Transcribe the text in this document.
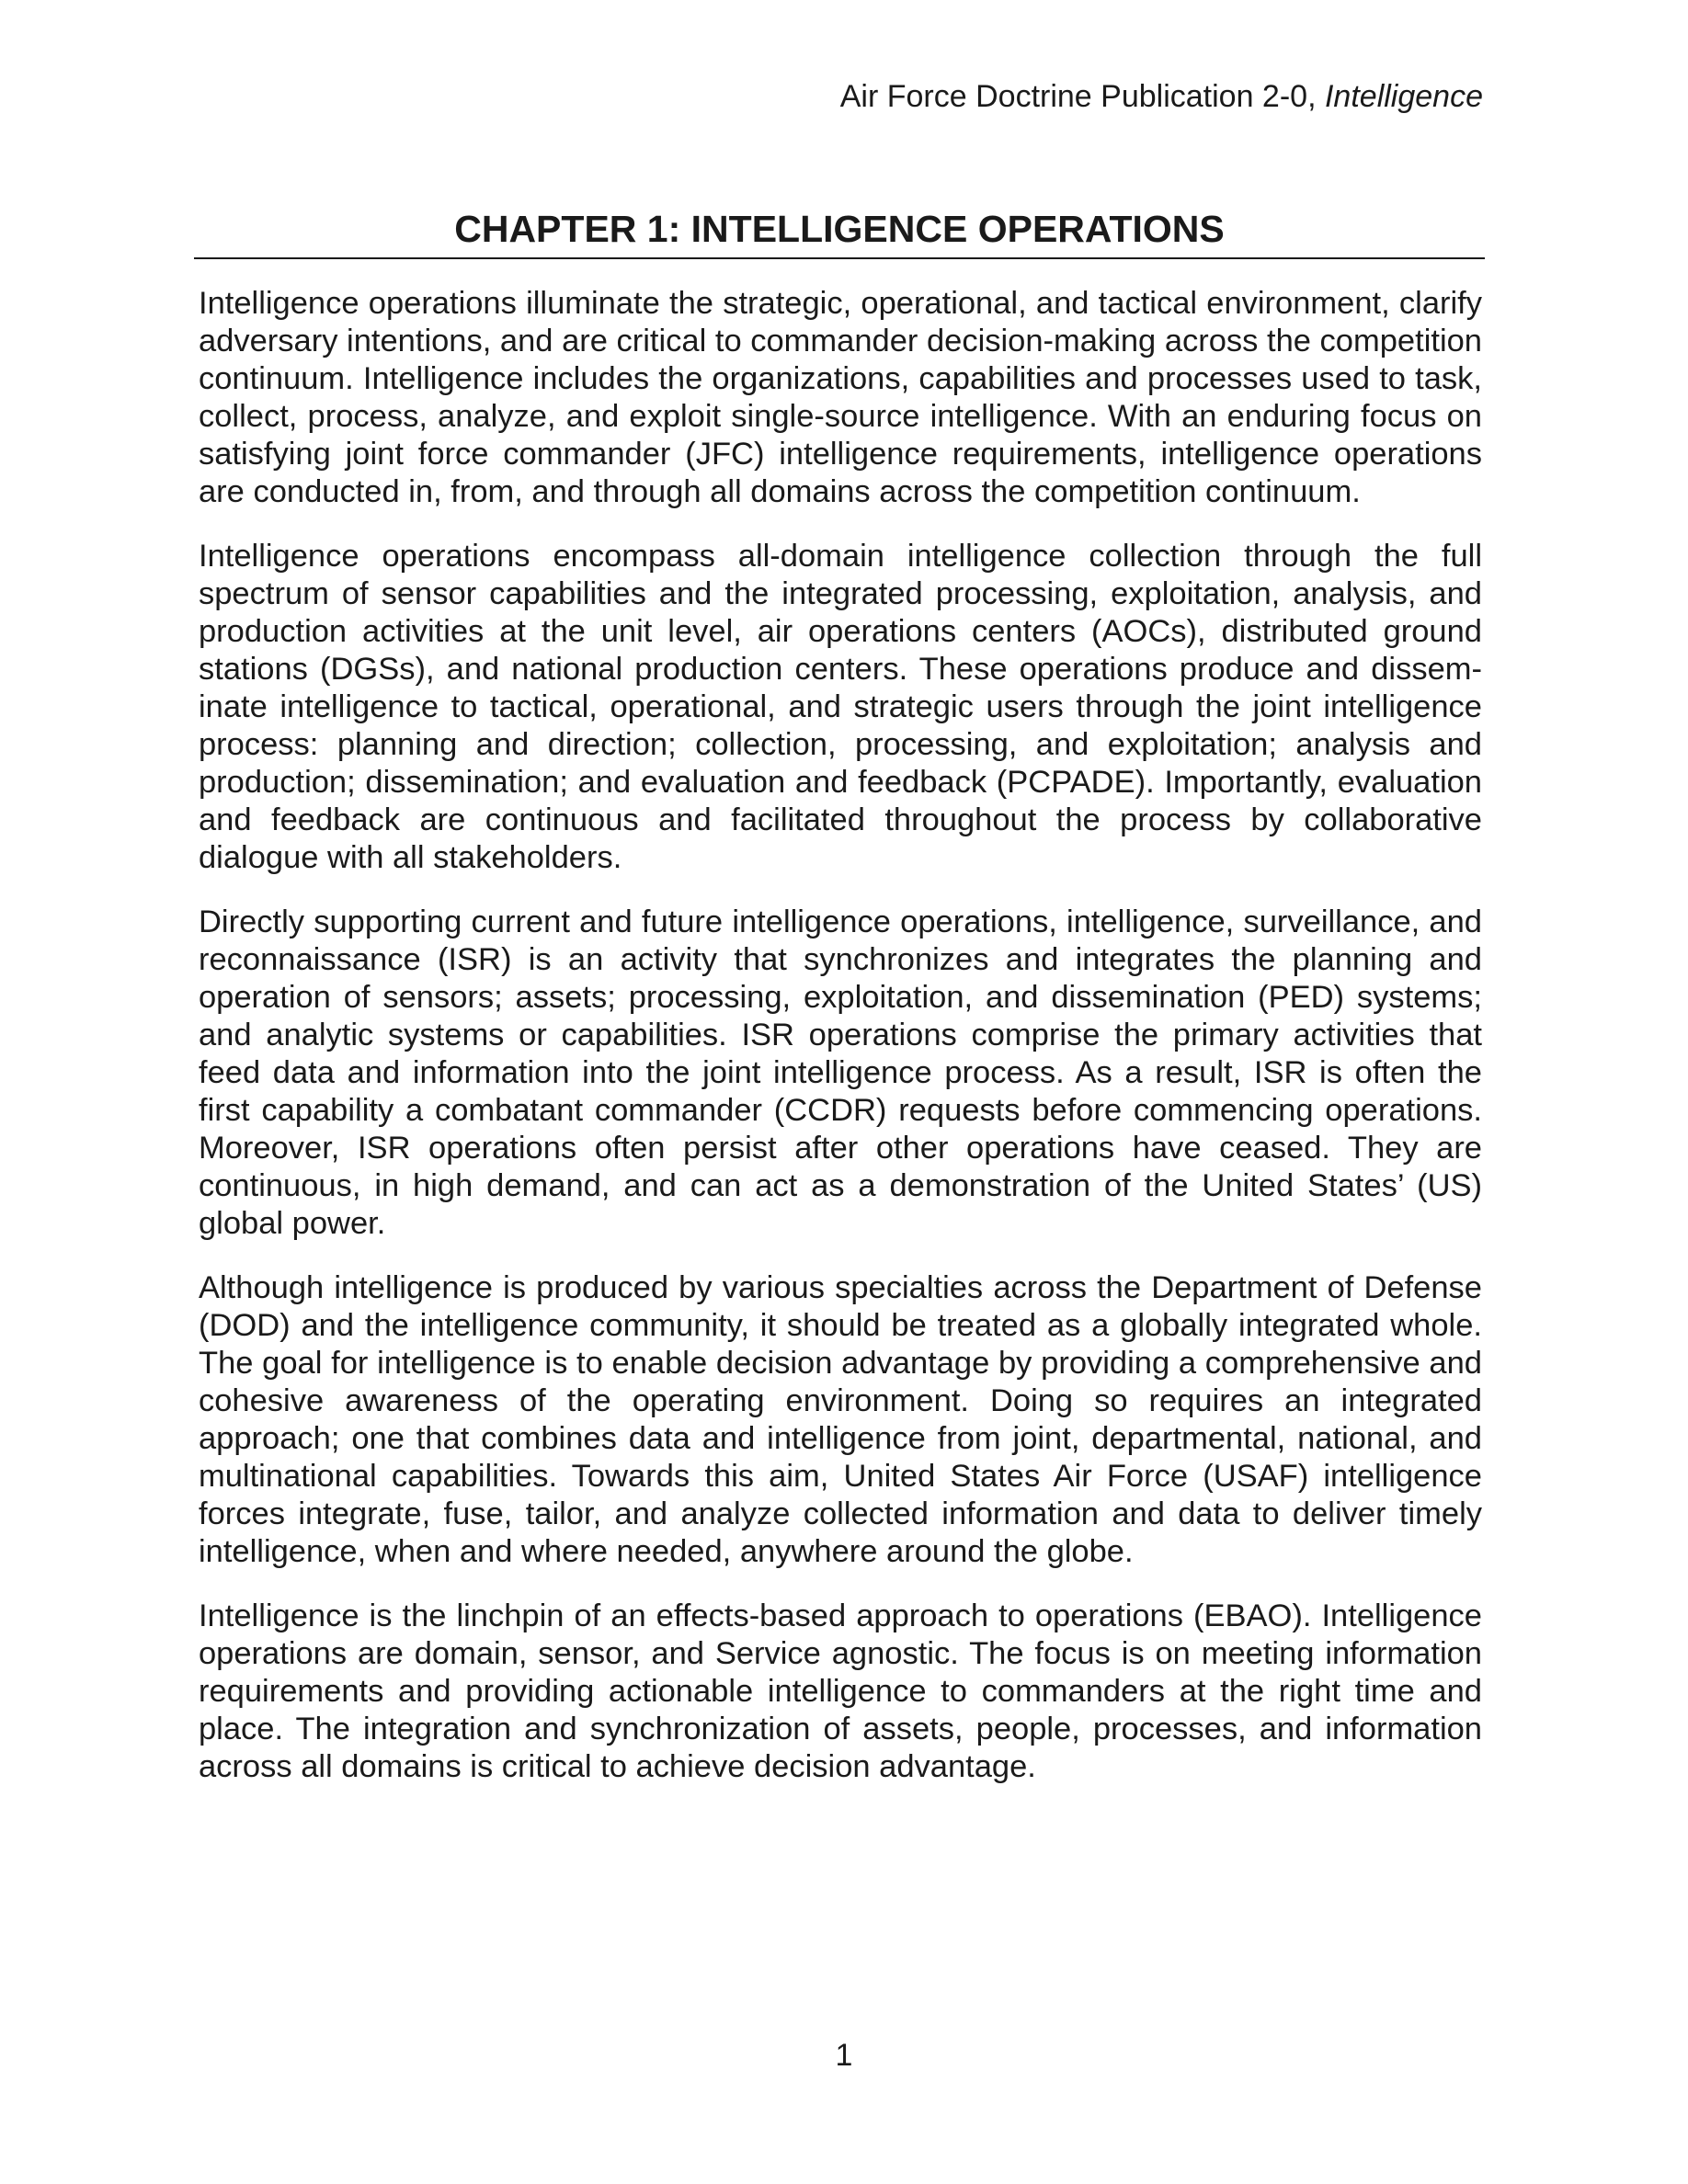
Air Force Doctrine Publication 2-0, Intelligence
CHAPTER 1: INTELLIGENCE OPERATIONS

Intelligence operations illuminate the strategic, operational, and tactical environment, clarify adversary intentions, and are critical to commander decision-making across the competition continuum. Intelligence includes the organizations, capabilities and processes used to task, collect, process, analyze, and exploit single-source intelligence. With an enduring focus on satisfying joint force commander (JFC) intelligence requirements, intelligence operations are conducted in, from, and through all domains across the competition continuum.

Intelligence operations encompass all-domain intelligence collection through the full spectrum of sensor capabilities and the integrated processing, exploitation, analysis, and production activities at the unit level, air operations centers (AOCs), distributed ground stations (DGSs), and national production centers. These operations produce and disseminate intelligence to tactical, operational, and strategic users through the joint intelligence process: planning and direction; collection, processing, and exploitation; analysis and production; dissemination; and evaluation and feedback (PCPADE). Importantly, evaluation and feedback are continuous and facilitated throughout the process by collaborative dialogue with all stakeholders.

Directly supporting current and future intelligence operations, intelligence, surveillance, and reconnaissance (ISR) is an activity that synchronizes and integrates the planning and operation of sensors; assets; processing, exploitation, and dissemination (PED) systems; and analytic systems or capabilities. ISR operations comprise the primary activities that feed data and information into the joint intelligence process. As a result, ISR is often the first capability a combatant commander (CCDR) requests before commencing operations. Moreover, ISR operations often persist after other operations have ceased. They are continuous, in high demand, and can act as a demonstration of the United States’ (US) global power.

Although intelligence is produced by various specialties across the Department of Defense (DOD) and the intelligence community, it should be treated as a globally integrated whole. The goal for intelligence is to enable decision advantage by providing a comprehensive and cohesive awareness of the operating environment. Doing so requires an integrated approach; one that combines data and intelligence from joint, departmental, national, and multinational capabilities. Towards this aim, United States Air Force (USAF) intelligence forces integrate, fuse, tailor, and analyze collected information and data to deliver timely intelligence, when and where needed, anywhere around the globe.

Intelligence is the linchpin of an effects-based approach to operations (EBAO). Intelligence operations are domain, sensor, and Service agnostic. The focus is on meeting information requirements and providing actionable intelligence to commanders at the right time and place. The integration and synchronization of assets, people, processes, and information across all domains is critical to achieve decision advantage.

1
